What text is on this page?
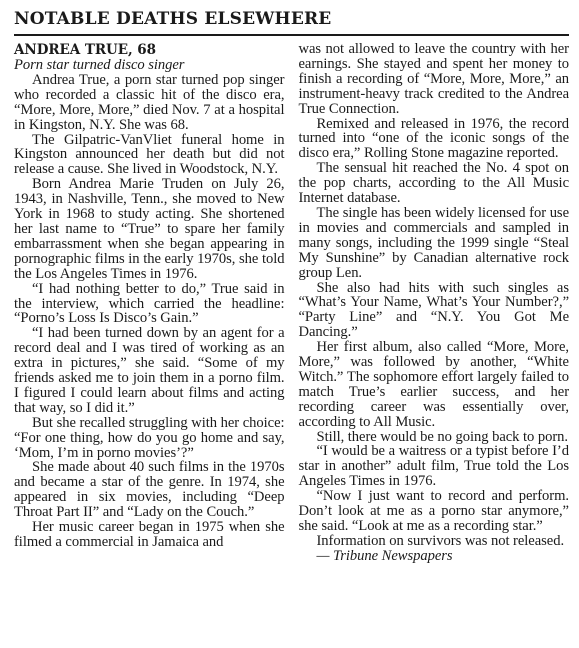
NOTABLE DEATHS ELSEWHERE
ANDREA TRUE, 68

Porn star turned disco singer

Andrea True, a porn star turned pop singer who recorded a classic hit of the disco era, “More, More, More,” died Nov. 7 at a hospital in Kingston, N.Y. She was 68.

The Gilpatric-VanVliet funeral home in Kingston announced her death but did not release a cause. She lived in Woodstock, N.Y.

Born Andrea Marie Truden on July 26, 1943, in Nashville, Tenn., she moved to New York in 1968 to study acting. She shortened her last name to “True” to spare her family embarrassment when she began appearing in pornographic films in the early 1970s, she told the Los Angeles Times in 1976.

“I had nothing better to do,” True said in the interview, which carried the headline: “Porno’s Loss Is Disco’s Gain.”

“I had been turned down by an agent for a record deal and I was tired of working as an extra in pictures,” she said. “Some of my friends asked me to join them in a porno film. I figured I could learn about films and acting that way, so I did it.”

But she recalled struggling with her choice: “For one thing, how do you go home and say, ‘Mom, I’m in porno movies’?”

She made about 40 such films in the 1970s and became a star of the genre. In 1974, she appeared in six movies, including “Deep Throat Part II” and “Lady on the Couch.”

Her music career began in 1975 when she filmed a commercial in Jamaica and

was not allowed to leave the country with her earnings. She stayed and spent her money to finish a recording of “More, More, More,” an instrument-heavy track credited to the Andrea True Connection.

Remixed and released in 1976, the record turned into “one of the iconic songs of the disco era,” Rolling Stone magazine reported.

The sensual hit reached the No. 4 spot on the pop charts, according to the All Music Internet database.

The single has been widely licensed for use in movies and commercials and sampled in many songs, including the 1999 single “Steal My Sunshine” by Canadian alternative rock group Len.

She also had hits with such singles as “What’s Your Name, What’s Your Number?,” “Party Line” and “N.Y. You Got Me Dancing.”

Her first album, also called “More, More, More,” was followed by another, “White Witch.” The sophomore effort largely failed to match True’s earlier success, and her recording career was essentially over, according to All Music.

Still, there would be no going back to porn.

“I would be a waitress or a typist before I’d star in another” adult film, True told the Los Angeles Times in 1976.

“Now I just want to record and perform. Don’t look at me as a porno star anymore,” she said. “Look at me as a recording star.”

Information on survivors was not released.

— Tribune Newspapers
